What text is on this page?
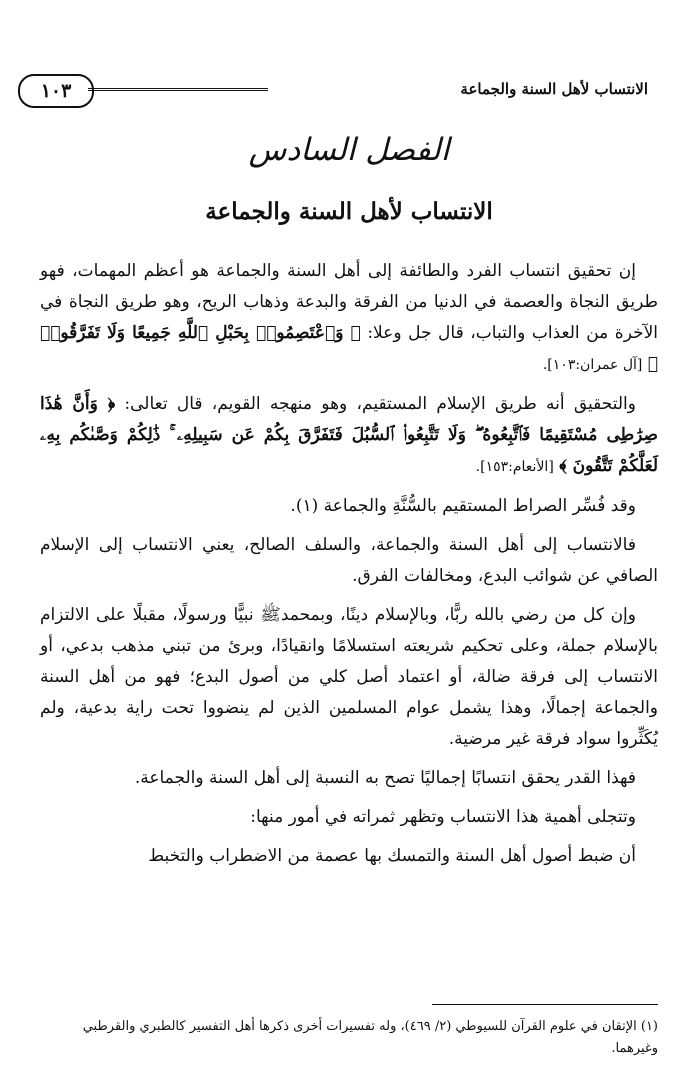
١٠٣	الانتساب لأهل السنة والجماعة
الفصل السادس
الانتساب لأهل السنة والجماعة

إن تحقيق انتساب الفرد والطائفة إلى أهل السنة والجماعة هو أعظم المهمات، فهو طريق النجاة والعصمة في الدنيا من الفرقة والبدعة وذهاب الريح، وهو طريق النجاة في الآخرة من العذاب والتباب، قال جل وعلا: ﴿ وَٱعْتَصِمُوا۟ بِحَبْلِ ٱللَّهِ جَمِيعًا وَلَا تَفَرَّقُوا۟ ﴾ [آل عمران:١٠٣].

والتحقيق أنه طريق الإسلام المستقيم، وهو منهجه القويم، قال تعالى: ﴿ وَأَنَّ هَٰذَا صِرَٰطِى مُسْتَقِيمًا فَٱتَّبِعُوهُ ۖ وَلَا تَتَّبِعُوا۟ ٱلسُّبُلَ فَتَفَرَّقَ بِكُمْ عَن سَبِيلِهِۦ ۚ ذَٰلِكُمْ وَصَّىٰكُم بِهِۦ لَعَلَّكُمْ تَتَّقُونَ ﴾ [الأنعام:١٥٣].

وقد فُسِّر الصراط المستقيم بالسُّنَّةِ والجماعة (١).

فالانتساب إلى أهل السنة والجماعة، والسلف الصالح، يعني الانتساب إلى الإسلام الصافي عن شوائب البدع، ومخالفات الفرق.

وإن كل من رضي بالله ربًّا، وبالإسلام دينًا، وبمحمدﷺ نبيًّا ورسولًا، مقبلًا على الالتزام بالإسلام جملة، وعلى تحكيم شريعته استسلامًا وانقيادًا، وبرئ من تبني مذهب بدعي، أو الانتساب إلى فرقة ضالة، أو اعتماد أصل كلي من أصول البدع؛ فهو من أهل السنة والجماعة إجمالًا، وهذا يشمل عوام المسلمين الذين لم ينضووا تحت راية بدعية، ولم يُكَثِّروا سواد فرقة غير مرضية.

فهذا القدر يحقق انتسابًا إجماليًا تصح به النسبة إلى أهل السنة والجماعة.

وتتجلى أهمية هذا الانتساب وتظهر ثمراته في أمور منها:

أن ضبط أصول أهل السنة والتمسك بها عصمة من الاضطراب والتخبط

(١) الإتقان في علوم القرآن للسيوطي (٢/ ٤٦٩)، وله تفسيرات أخرى ذكرها أهل التفسير كالطبري والقرطبي وغيرهما.
